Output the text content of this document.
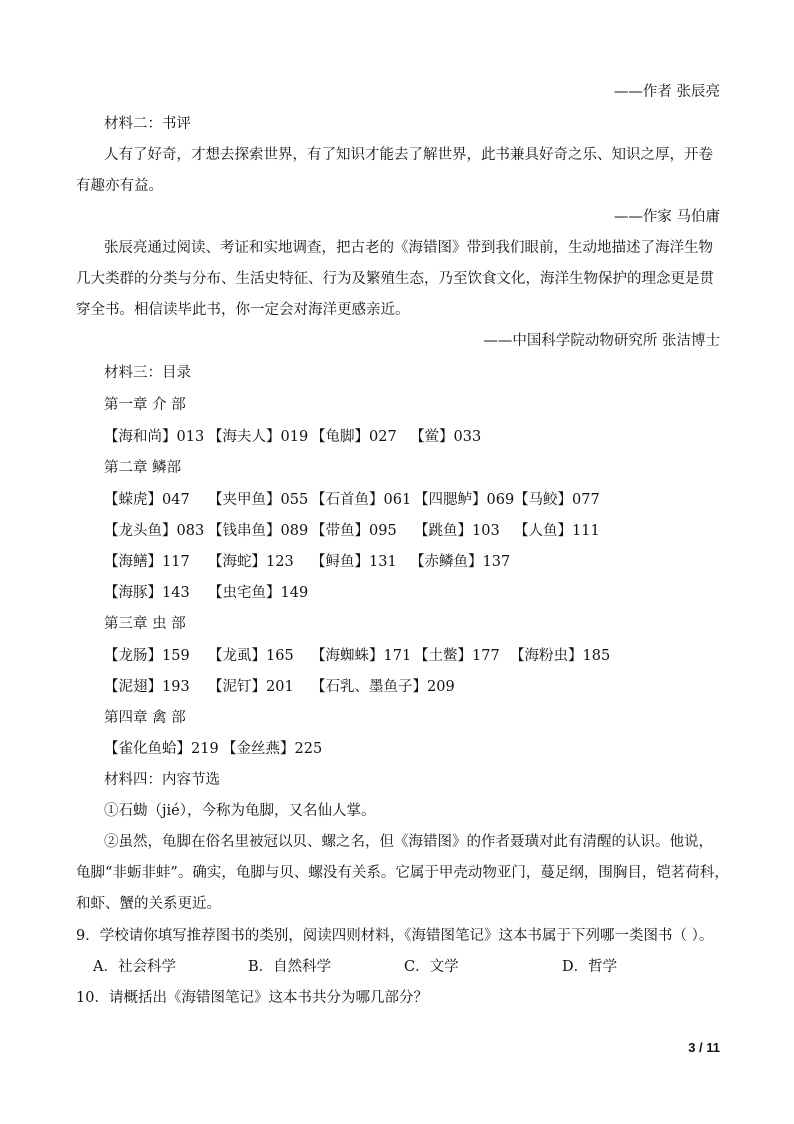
——作者 张辰亮
材料二：书评
人有了好奇，才想去探索世界，有了知识才能去了解世界，此书兼具好奇之乐、知识之厚，开卷
有趣亦有益。
——作家 马伯庸
张辰亮通过阅读、考证和实地调查，把古老的《海错图》带到我们眼前，生动地描述了海洋生物
几大类群的分类与分布、生活史特征、行为及繁殖生态，乃至饮食文化，海洋生物保护的理念更是贯
穿全书。相信读毕此书，你一定会对海洋更感亲近。
——中国科学院动物研究所 张洁博士
材料三：目录
第一章 介 部
【海和尚】013 【海夫人】019 【龟脚】027 【鲎】033
第二章 鳞部
【蝾虎】047 【夹甲鱼】055 【石首鱼】061 【四腮鲈】069 【马鲛】077
【龙头鱼】083 【钱串鱼】089 【带鱼】095 【跳鱼】103 【人鱼】111
【海鳝】117 【海蛇】123 【鲟鱼】131 【赤鳞鱼】137
【海豚】143 【虫宅鱼】149
第三章 虫 部
【龙肠】159 【龙虱】165 【海蜘蛛】171 【土鳖】177 【海粉虫】185
【泥翅】193 【泥钉】201 【石乳、墨鱼子】209
第四章 禽 部
【雀化鱼蛤】219 【金丝燕】225
材料四：内容节选
①石蜐（jié），今称为龟脚，又名仙人掌。
②虽然，龟脚在俗名里被冠以贝、螺之名，但《海错图》的作者聂璜对此有清醒的认识。他说，
龟脚“非蛎非蚌”。确实，龟脚与贝、螺没有关系。它属于甲壳动物亚门，蔓足纲，围胸目，铠茗荷科，
和虾、蟹的关系更近。
9．学校请你填写推荐图书的类别，阅读四则材料，《海错图笔记》这本书属于下列哪一类图书（ ）。
A．社会科学	B．自然科学	C．文学	D．哲学
10．请概括出《海错图笔记》这本书共分为哪几部分？
3 / 11
